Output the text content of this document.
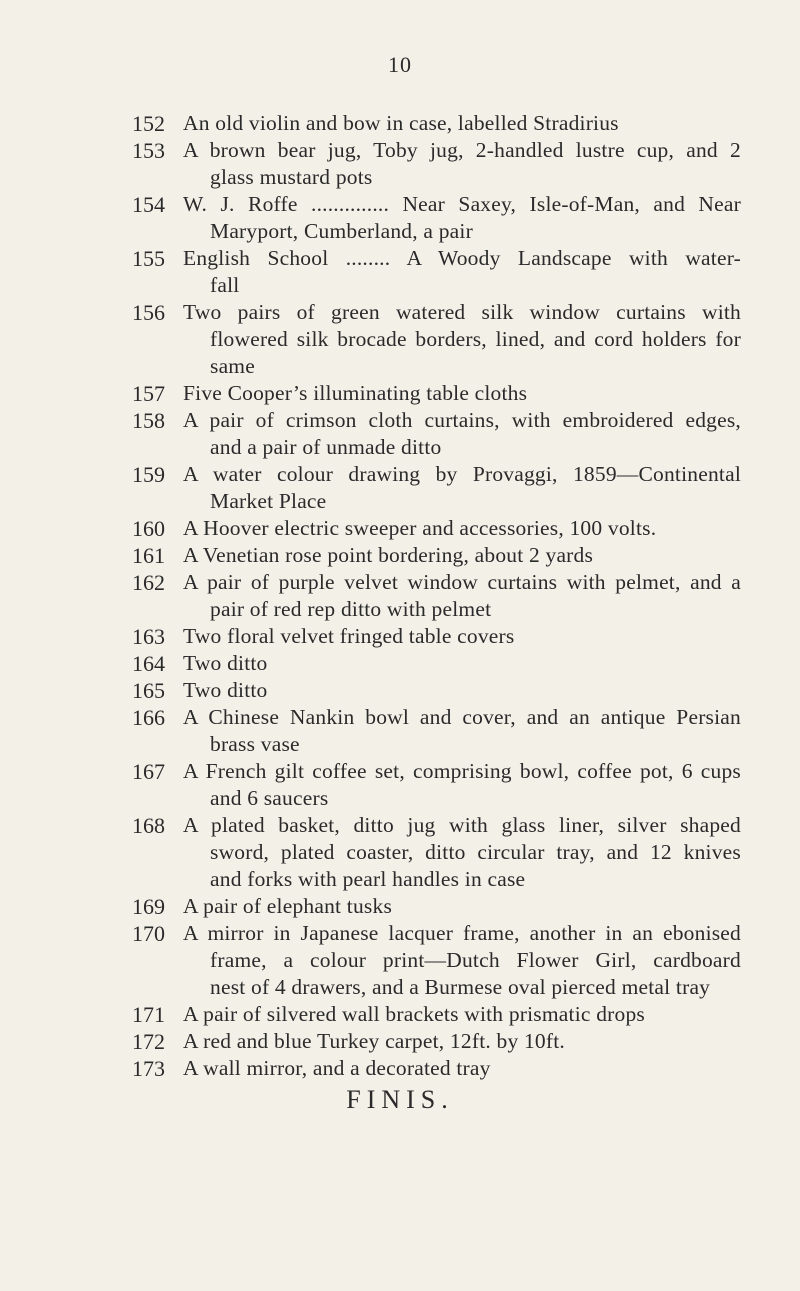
10
152 An old violin and bow in case, labelled Stradirius
153 A brown bear jug, Toby jug, 2-handled lustre cup, and 2
glass mustard pots
154 W. J. Roffe .............. Near Saxey, Isle-of-Man, and Near
Maryport, Cumberland, a pair
155 English School ........ A Woody Landscape with water-
fall
156 Two pairs of green watered silk window curtains with
flowered silk brocade borders, lined, and cord holders for
same
157 Five Cooper’s illuminating table cloths
158 A pair of crimson cloth curtains, with embroidered edges,
and a pair of unmade ditto
159 A water colour drawing by Provaggi, 1859—Continental
Market Place
160 A Hoover electric sweeper and accessories, 100 volts.
161 A Venetian rose point bordering, about 2 yards
162 A pair of purple velvet window curtains with pelmet, and a
pair of red rep ditto with pelmet
163 Two floral velvet fringed table covers
164 Two ditto
165 Two ditto
166 A Chinese Nankin bowl and cover, and an antique Persian
brass vase
167 A French gilt coffee set, comprising bowl, coffee pot, 6 cups
and 6 saucers
168 A plated basket, ditto jug with glass liner, silver shaped
sword, plated coaster, ditto circular tray, and 12 knives
and forks with pearl handles in case
169 A pair of elephant tusks
170 A mirror in Japanese lacquer frame, another in an ebonised
frame, a colour print—Dutch Flower Girl, cardboard
nest of 4 drawers, and a Burmese oval pierced metal tray
171 A pair of silvered wall brackets with prismatic drops
172 A red and blue Turkey carpet, 12ft. by 10ft.
173 A wall mirror, and a decorated tray
FINIS.
